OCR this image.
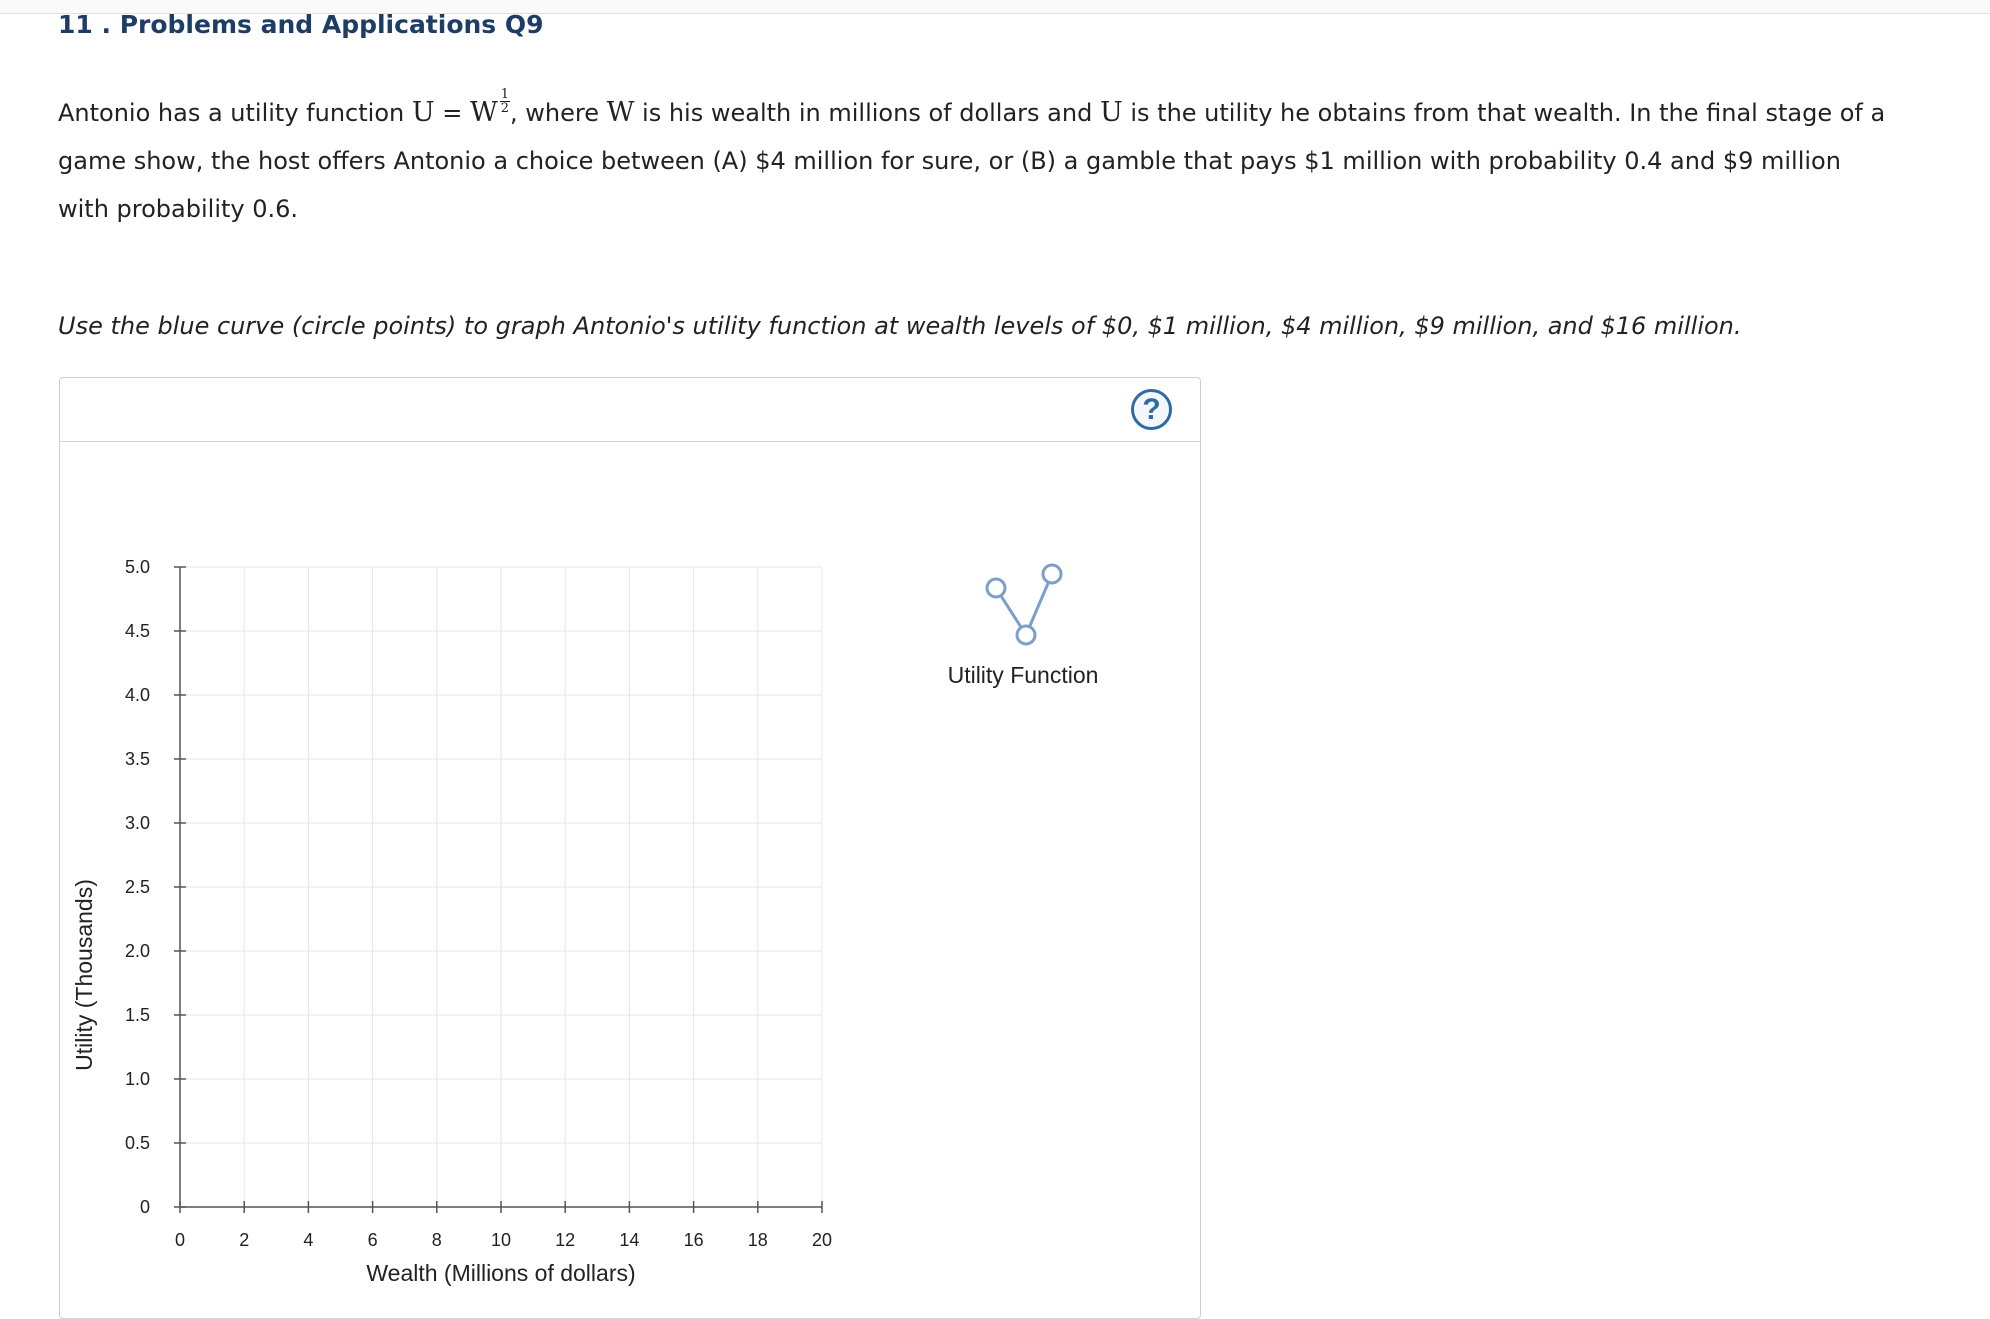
11 . Problems and Applications Q9

Antonio has a utility function U = W $\frac{1}{2}$ , where W is his wealth in millions of dollars and U is the utility he obtains from that wealth. In the final stage of a game show, the host offers Antonio a choice between (A) $4 million for sure, or (B) a gamble that pays $1 million with probability 0.4 and $9 million with probability 0.6.

Use the blue curve (circle points) to graph Antonio's utility function at wealth levels of $0, $1 million, $4 million, $9 million, and $16 million.

?
0
0.5
1.0
1.5
2.0
2.5
3.0
3.5
4.0
4.5
5.0
0	2	4	6	8	10 12 14 16 18 20
Utility (Thousands)
Wealth (Millions of dollars)
Utility Function
